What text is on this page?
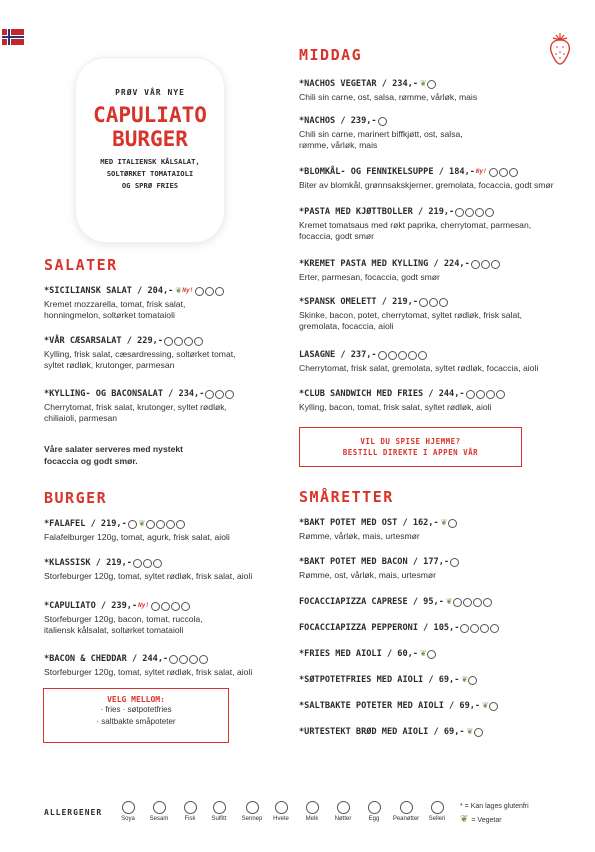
PRØV VÅR NYE
CAPULIATO
BURGER
MED ITALIENSK KÅLSALAT,
SOLTØRKET TOMATAIOLI
OG SPRØ FRIES
SALATER
*SICILIANSK SALAT / 204,- ❦ Ny!
Kremet mozzarella, tomat, frisk salat,
honningmelon, soltørket tomataioli
*VÅR CÆSARSALAT / 229,-
Kylling, frisk salat, cæsardressing, soltørket tomat,
syltet rødløk, krutonger, parmesan
*KYLLING- OG BACONSALAT / 234,-
Cherrytomat, frisk salat, krutonger, syltet rødløk,
chiliaioli, parmesan
Våre salater serveres med nystekt
focaccia og godt smør.
BURGER
*FALAFEL / 219,- ❦
Falafelburger 120g, tomat, agurk, frisk salat, aioli
*KLASSISK / 219,-
Storfeburger 120g, tomat, syltet rødløk, frisk salat, aioli
*CAPULIATO / 239,- Ny!
Storfeburger 120g, bacon, tomat, ruccola,
italiensk kålsalat, soltørket tomataioli
*BACON & CHEDDAR / 244,-
Storfeburger 120g, tomat, syltet rødløk, frisk salat, aioli
VELG MELLOM:
· fries · søtpotetfries
· saltbakte småpoteter
MIDDAG
*NACHOS VEGETAR / 234,- ❦
Chili sin carne, ost, salsa, rømme, vårløk, mais
*NACHOS / 239,-
Chili sin carne, marinert biffkjøtt, ost, salsa,
rømme, vårløk, mais
*BLOMKÅL- OG FENNIKELSUPPE / 184,- Ny!
Biter av blomkål, grønnsakskjerner, gremolata, focaccia, godt smør
*PASTA MED KJØTTBOLLER / 219,-
Kremet tomatsaus med røkt paprika, cherrytomat, parmesan,
focaccia, godt smør
*KREMET PASTA MED KYLLING / 224,-
Erter, parmesan, focaccia, godt smør
*SPANSK OMELETT / 219,-
Skinke, bacon, potet, cherrytomat, syltet rødløk, frisk salat,
gremolata, focaccia, aioli
LASAGNE / 237,-
Cherrytomat, frisk salat, gremolata, syltet rødløk, focaccia, aioli
*CLUB SANDWICH MED FRIES / 244,-
Kylling, bacon, tomat, frisk salat, syltet rødløk, aioli
VIL DU SPISE HJEMME?
BESTILL DIREKTE I APPEN VÅR
SMÅRETTER
*BAKT POTET MED OST / 162,- ❦
Rømme, vårløk, mais, urtesmør
*BAKT POTET MED BACON / 177,-
Rømme, ost, vårløk, mais, urtesmør
FOCACCIAPIZZA CAPRESE / 95,- ❦
FOCACCIAPIZZA PEPPERONI / 105,-
*FRIES MED AIOLI / 60,- ❦
*SØTPOTETFRIES MED AIOLI / 69,- ❦
*SALTBAKTE POTETER MED AIOLI / 69,- ❦
*URTESTEKT BRØD MED AIOLI / 69,- ❦
ALLERGENER
Soya	Sesam	Fisk	Sulfitt	Sennep	Hvete	Melk	Nøtter	Egg	Peanøtter	Selleri
* = Kan lages glutenfri
❦ = Vegetar
